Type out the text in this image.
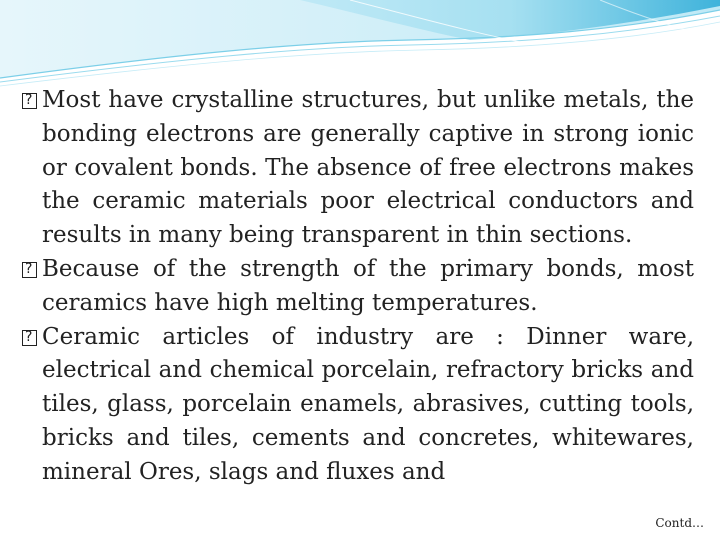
?
Most have crystalline structures, but unlike metals, the bonding electrons are generally captive in strong ionic or covalent bonds. The absence of free electrons makes the ceramic materials poor electrical conductors and results in many being transparent in thin sections.
?
Because of the strength of the primary bonds, most ceramics have high melting temperatures.
?
Ceramic articles of industry are : Dinner ware, electrical and chemical porcelain, refractory bricks and tiles, glass, porcelain enamels, abrasives, cutting tools, bricks and tiles, cements and concretes, whitewares, mineral Ores, slags and fluxes and
Contd…
